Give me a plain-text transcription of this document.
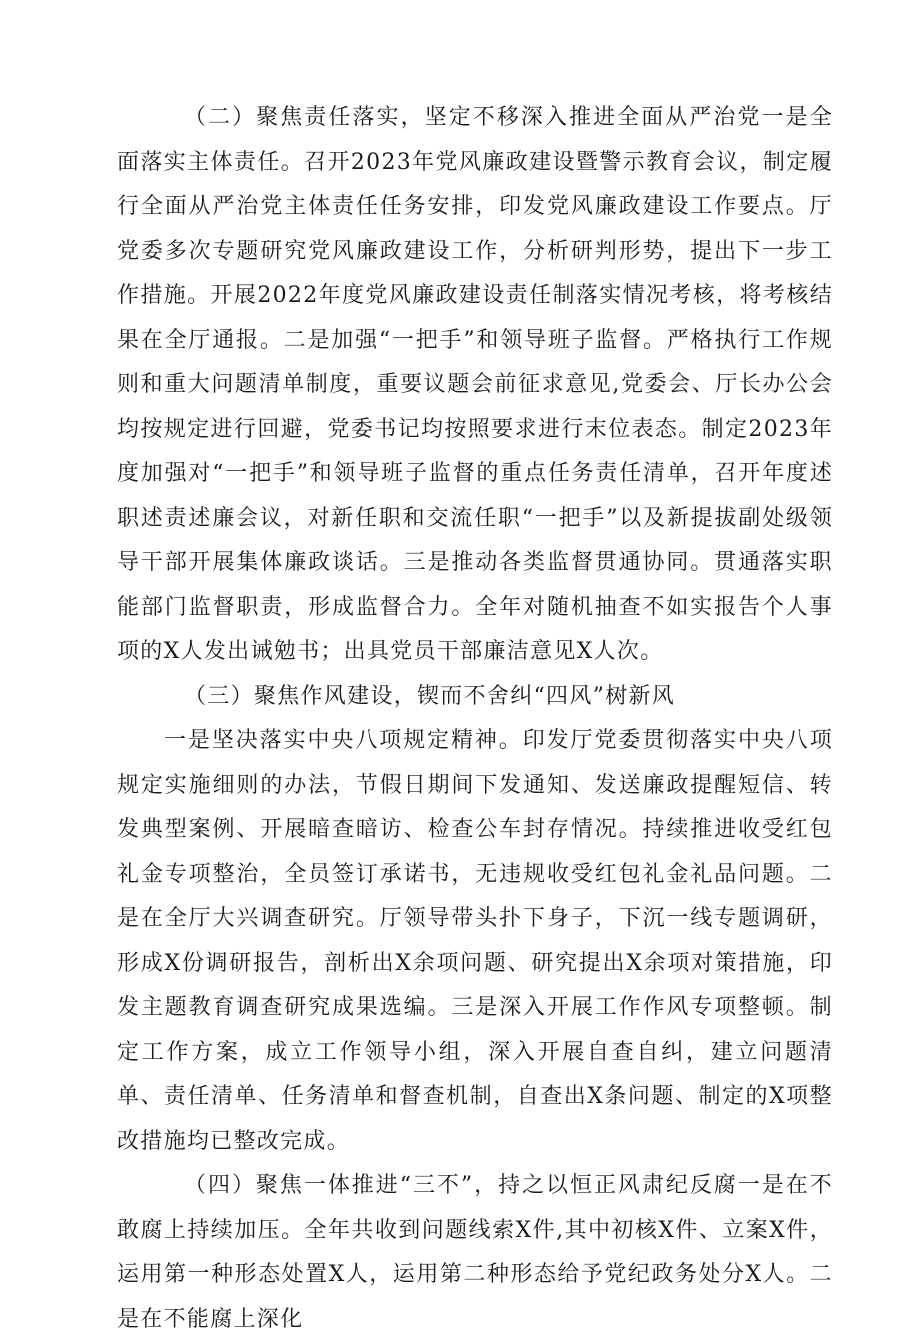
（二）聚焦责任落实，坚定不移深入推进全面从严治党一是全面落实主体责任。召开2023年党风廉政建设暨警示教育会议，制定履行全面从严治党主体责任任务安排，印发党风廉政建设工作要点。厅党委多次专题研究党风廉政建设工作，分析研判形势，提出下一步工作措施。开展2022年度党风廉政建设责任制落实情况考核，将考核结果在全厅通报。二是加强“一把手”和领导班子监督。严格执行工作规则和重大问题清单制度，重要议题会前征求意见,党委会、厅长办公会均按规定进行回避，党委书记均按照要求进行末位表态。制定2023年度加强对“一把手”和领导班子监督的重点任务责任清单，召开年度述职述责述廉会议，对新任职和交流任职“一把手”以及新提拔副处级领导干部开展集体廉政谈话。三是推动各类监督贯通协同。贯通落实职能部门监督职责，形成监督合力。全年对随机抽查不如实报告个人事项的X人发出诫勉书；出具党员干部廉洁意见X人次。

（三）聚焦作风建设，锲而不舍纠“四风”树新风

一是坚决落实中央八项规定精神。印发厅党委贯彻落实中央八项规定实施细则的办法，节假日期间下发通知、发送廉政提醒短信、转发典型案例、开展暗查暗访、检查公车封存情况。持续推进收受红包礼金专项整治，全员签订承诺书，无违规收受红包礼金礼品问题。二是在全厅大兴调查研究。厅领导带头扑下身子，下沉一线专题调研，形成X份调研报告，剖析出X余项问题、研究提出X余项对策措施，印发主题教育调查研究成果选编。三是深入开展工作作风专项整顿。制定工作方案，成立工作领导小组，深入开展自查自纠，建立问题清单、责任清单、任务清单和督查机制，自查出X条问题、制定的X项整改措施均已整改完成。

（四）聚焦一体推进“三不”，持之以恒正风肃纪反腐一是在不敢腐上持续加压。全年共收到问题线索X件,其中初核X件、立案X件，运用第一种形态处置X人，运用第二种形态给予党纪政务处分X人。二是在不能腐上深化
